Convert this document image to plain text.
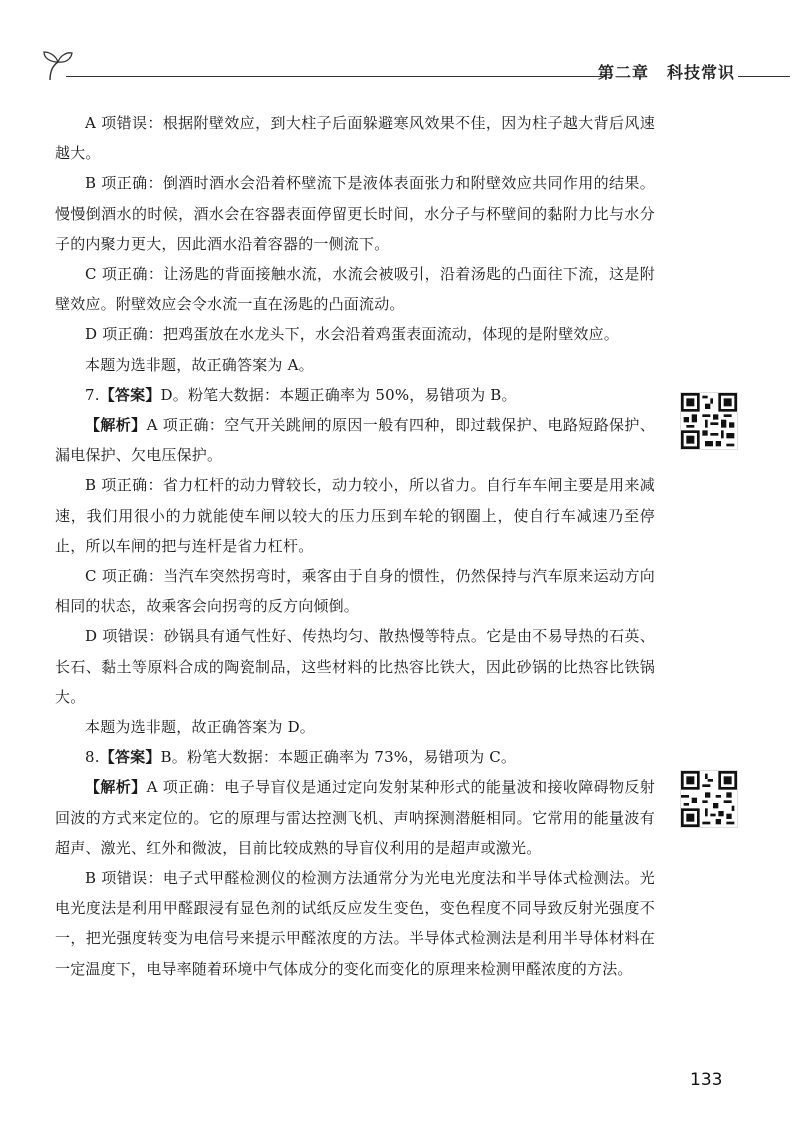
第二章 科技常识

A 项错误：根据附壁效应，到大柱子后面躲避寒风效果不佳，因为柱子越大背后风速越大。

B 项正确：倒酒时酒水会沿着杯壁流下是液体表面张力和附壁效应共同作用的结果。慢慢倒酒水的时候，酒水会在容器表面停留更长时间，水分子与杯壁间的黏附力比与水分子的内聚力更大，因此酒水沿着容器的一侧流下。

C 项正确：让汤匙的背面接触水流，水流会被吸引，沿着汤匙的凸面往下流，这是附壁效应。附壁效应会令水流一直在汤匙的凸面流动。

D 项正确：把鸡蛋放在水龙头下，水会沿着鸡蛋表面流动，体现的是附壁效应。

本题为选非题，故正确答案为 A。

7.【答案】D。粉笔大数据：本题正确率为 50%，易错项为 B。

【解析】A 项正确：空气开关跳闸的原因一般有四种，即过载保护、电路短路保护、漏电保护、欠电压保护。

B 项正确：省力杠杆的动力臂较长，动力较小，所以省力。自行车车闸主要是用来减速，我们用很小的力就能使车闸以较大的压力压到车轮的钢圈上，使自行车减速乃至停止，所以车闸的把与连杆是省力杠杆。

C 项正确：当汽车突然拐弯时，乘客由于自身的惯性，仍然保持与汽车原来运动方向相同的状态，故乘客会向拐弯的反方向倾倒。

D 项错误：砂锅具有通气性好、传热均匀、散热慢等特点。它是由不易导热的石英、长石、黏土等原料合成的陶瓷制品，这些材料的比热容比铁大，因此砂锅的比热容比铁锅大。

本题为选非题，故正确答案为 D。

8.【答案】B。粉笔大数据：本题正确率为 73%，易错项为 C。

【解析】A 项正确：电子导盲仪是通过定向发射某种形式的能量波和接收障碍物反射回波的方式来定位的。它的原理与雷达控测飞机、声呐探测潜艇相同。它常用的能量波有超声、激光、红外和微波，目前比较成熟的导盲仪利用的是超声或激光。

B 项错误：电子式甲醛检测仪的检测方法通常分为光电光度法和半导体式检测法。光电光度法是利用甲醛跟浸有显色剂的试纸反应发生变色，变色程度不同导致反射光强度不一，把光强度转变为电信号来提示甲醛浓度的方法。半导体式检测法是利用半导体材料在一定温度下，电导率随着环境中气体成分的变化而变化的原理来检测甲醛浓度的方法。

133
